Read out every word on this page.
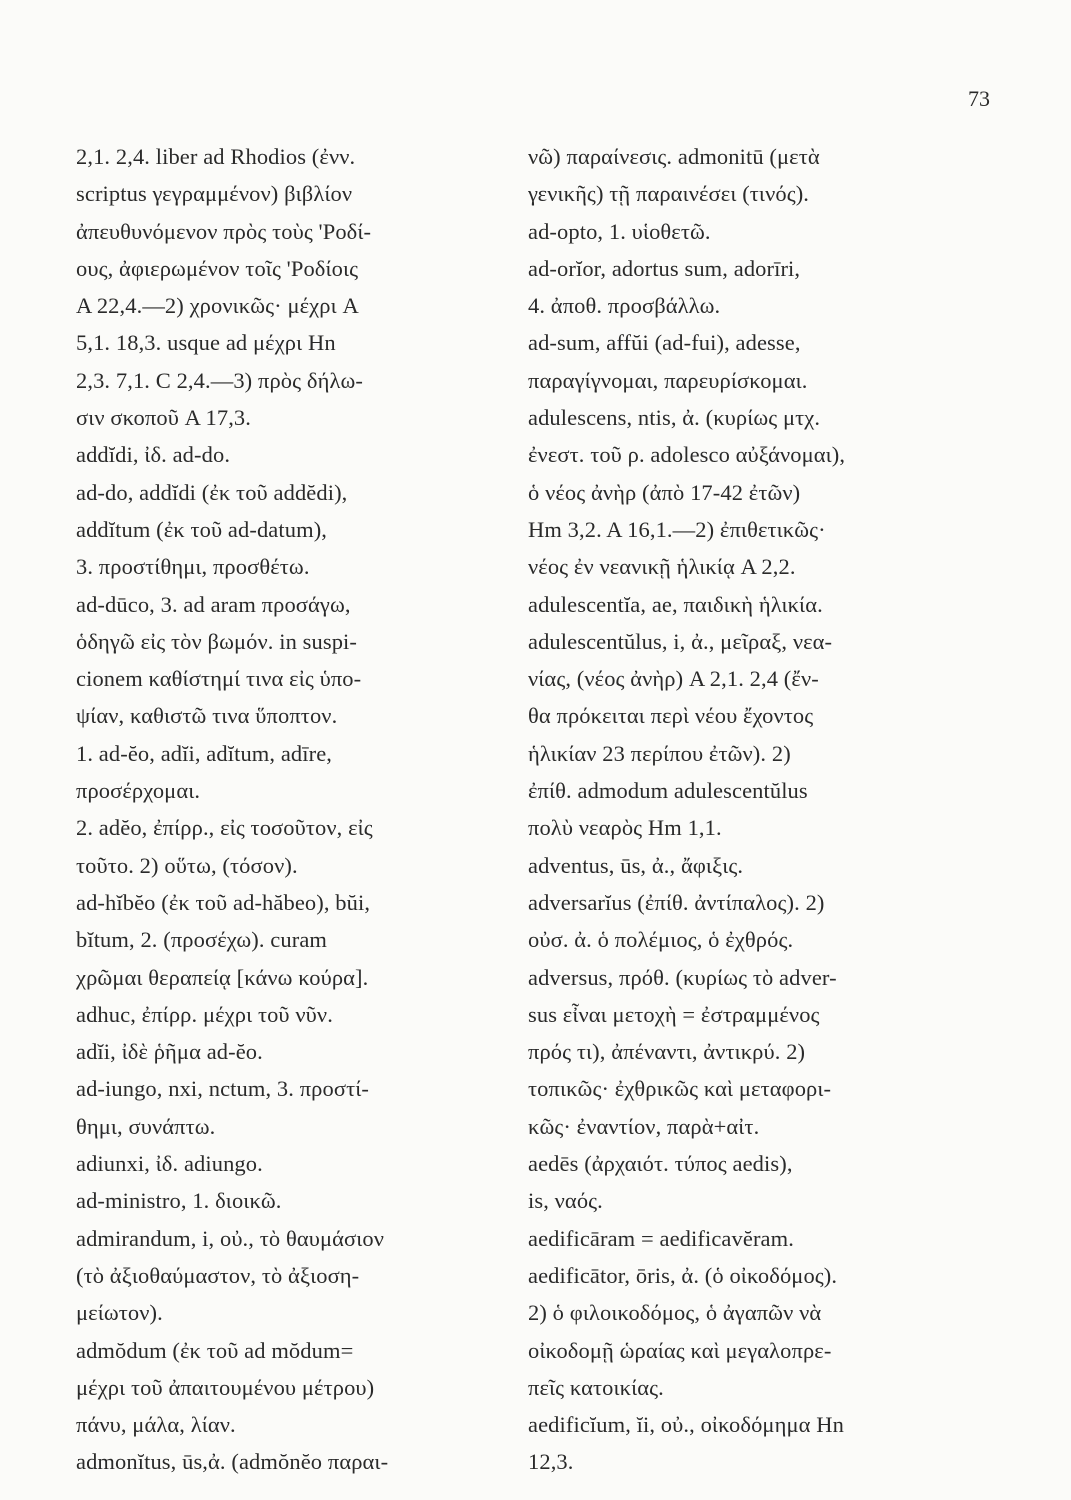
73
2,1. 2,4. liber ad Rhodios (ἐνν.
scriptus γεγραμμένον) βιβλίον
ἀπευθυνόμενον πρὸς τοὺς 'Ροδί-
ους, ἀφιερωμένον τοῖς 'Ροδίοις
A 22,4.—2) χρονικῶς· μέχρι A
5,1. 18,3. usque ad μέχρι Hn
2,3. 7,1. C 2,4.—3) πρὸς δήλω-
σιν σκοποῦ A 17,3.
addĭdi, ἰδ. ad-do.
ad-do, addĭdi (ἐκ τοῦ addĕdi),
addĭtum (ἐκ τοῦ ad-datum),
3. προστίθημι, προσθέτω.
ad-dūco, 3. ad aram προσάγω,
ὁδηγῶ εἰς τὸν βωμόν. in suspi-
cionem καθίστημί τινα εἰς ὑπο-
ψίαν, καθιστῶ τινα ὕποπτον.
1. ad-ĕo, adĭi, adĭtum, adīre,
προσέρχομαι.
2. adĕo, ἐπίρρ., εἰς τοσοῦτον, εἰς
τοῦτο. 2) οὕτω, (τόσον).
ad-hĭbĕo (ἐκ τοῦ ad-hăbeo), bŭi,
bĭtum, 2. (προσέχω). curam
χρῶμαι θεραπείᾳ [κάνω κούρα].
adhuc, ἐπίρρ. μέχρι τοῦ νῦν.
adĭi, ἰδὲ ῥῆμα ad-ĕo.
ad-iungo, nxi, nctum, 3. προστί-
θημι, συνάπτω.
adiunxi, ἰδ. adiungo.
ad-ministro, 1. διοικῶ.
admirandum, i, οὐ., τὸ θαυμάσιον
(τὸ ἀξιοθαύμαστον, τὸ ἀξιοση-
μείωτον).
admŏdum (ἐκ τοῦ ad mŏdum=
μέχρι τοῦ ἀπαιτουμένου μέτρου)
πάνυ, μάλα, λίαν.
admonĭtus, ūs,ἀ. (admŏnĕo παραι-
νῶ) παραίνεσις. admonitū (μετὰ
γενικῆς) τῇ παραινέσει (τινός).
ad-opto, 1. υἱοθετῶ.
ad-orĭor, adortus sum, adorīri,
4. ἀποθ. προσβάλλω.
ad-sum, affŭi (ad-fui), adesse,
παραγίγνομαι, παρευρίσκομαι.
adulescens, ntis, ἀ. (κυρίως μτχ.
ἐνεστ. τοῦ ρ. adolesco αὐξάνομαι),
ὁ νέος ἀνὴρ (ἀπὸ 17-42 ἐτῶν)
Hm 3,2. A 16,1.—2) ἐπιθετικῶς·
νέος ἐν νεανικῇ ἡλικίᾳ A 2,2.
adulescentĭa, ae, παιδικὴ ἡλικία.
adulescentŭlus, i, ἀ., μεῖραξ, νεα-
νίας, (νέος ἀνὴρ) A 2,1. 2,4 (ἔν-
θα πρόκειται περὶ νέου ἔχοντος
ἡλικίαν 23 περίπου ἐτῶν). 2)
ἐπίθ. admodum adulescentŭlus
πολὺ νεαρὸς Hm 1,1.
adventus, ūs, ἀ., ἄφιξις.
adversarĭus (ἐπίθ. ἀντίπαλος). 2)
οὐσ. ἀ. ὁ πολέμιος, ὁ ἐχθρός.
adversus, πρόθ. (κυρίως τὸ adver-
sus εἶναι μετοχὴ = ἐστραμμένος
πρός τι), ἀπέναντι, ἀντικρύ. 2)
τοπικῶς· ἐχθρικῶς καὶ μεταφορι-
κῶς· ἐναντίον, παρὰ+αἰτ.
aedēs (ἀρχαιότ. τύπος aedis),
is, ναός.
aedificāram = aedificavĕram.
aedificātor, ōris, ἀ. (ὁ οἰκοδόμος).
2) ὁ φιλοικοδόμος, ὁ ἀγαπῶν νὰ
οἰκοδομῇ ὡραίας καὶ μεγαλοπρε-
πεῖς κατοικίας.
aedificĭum, ĭi, οὐ., οἰκοδόμημα Hn
12,3.
